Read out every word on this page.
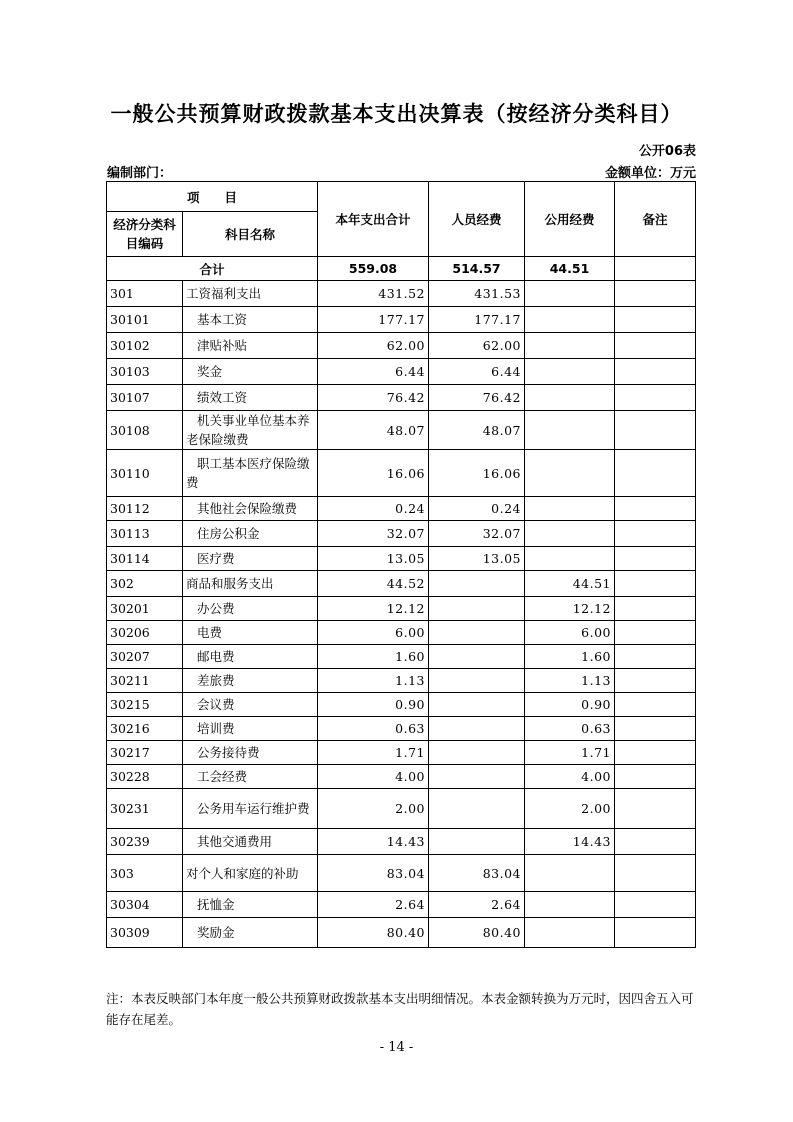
一般公共预算财政拨款基本支出决算表（按经济分类科目）
公开06表
编制部门：	金额单位：万元
项　　目		本年支出合计	人员经费	公用经费	备注
经济分类科目编码	科目名称				
合计		559.08	514.57	44.51	
301	工资福利支出	431.52	431.53		
30101	基本工资	177.17	177.17		
30102	津贴补贴	62.00	62.00		
30103	奖金	6.44	6.44		
30107	绩效工资	76.42	76.42		
30108	机关事业单位基本养老保险缴费	48.07	48.07		
30110	职工基本医疗保险缴费	16.06	16.06		
30112	其他社会保险缴费	0.24	0.24		
30113	住房公积金	32.07	32.07		
30114	医疗费	13.05	13.05		
302	商品和服务支出	44.52		44.51	
30201	办公费	12.12		12.12	
30206	电费	6.00		6.00	
30207	邮电费	1.60		1.60	
30211	差旅费	1.13		1.13	
30215	会议费	0.90		0.90	
30216	培训费	0.63		0.63	
30217	公务接待费	1.71		1.71	
30228	工会经费	4.00		4.00	
30231	公务用车运行维护费	2.00		2.00	
30239	其他交通费用	14.43		14.43	
303	对个人和家庭的补助	83.04	83.04		
30304	抚恤金	2.64	2.64		
30309	奖励金	80.40	80.40		
注：本表反映部门本年度一般公共预算财政拨款基本支出明细情况。本表金额转换为万元时，因四舍五入可能存在尾差。
- 14 -
